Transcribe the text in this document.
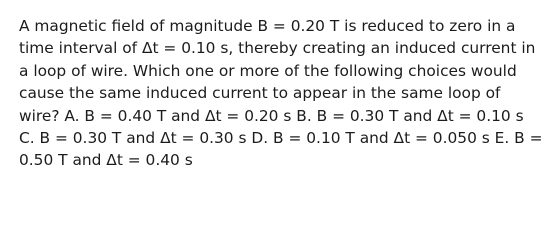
A magnetic field of magnitude B = 0.20 T is reduced to zero in a time interval of Δt = 0.10 s, thereby creating an induced current in a loop of wire. Which one or more of the following choices would cause the same induced current to appear in the same loop of wire? A. B = 0.40 T and Δt = 0.20 s B. B = 0.30 T and Δt = 0.10 s C. B = 0.30 T and Δt = 0.30 s D. B = 0.10 T and Δt = 0.050 s E. B = 0.50 T and Δt = 0.40 s
